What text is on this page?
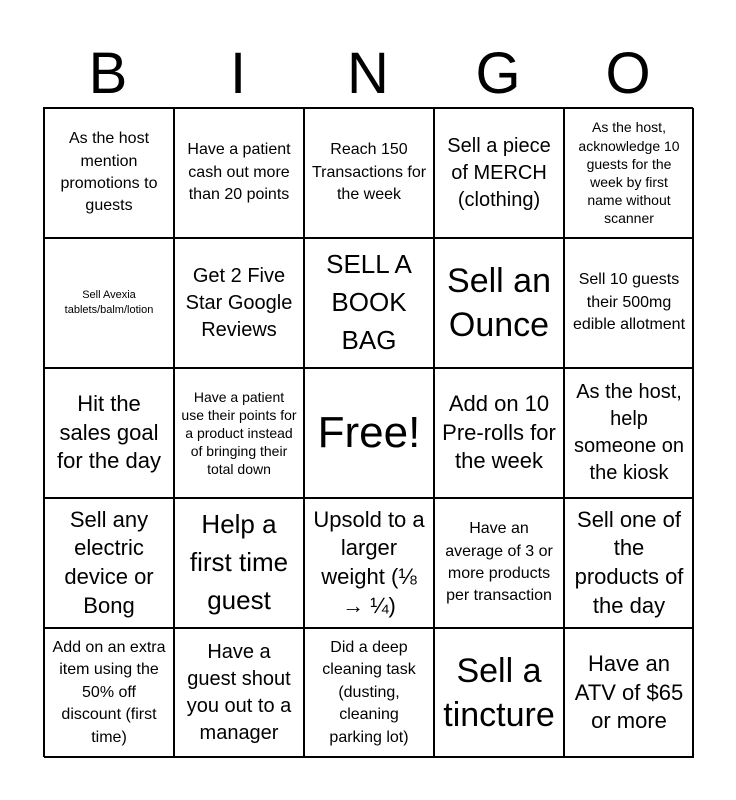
B	I	N	G	O
As the host mention promotions to guests
Have a patient cash out more than 20 points
Reach 150 Transactions for the week
Sell a piece of MERCH (clothing)
As the host, acknowledge 10 guests for the week by first name without scanner
Sell Avexia tablets/balm/lotion
Get 2 Five Star Google Reviews
SELL A BOOK BAG
Sell an Ounce
Sell 10 guests their 500mg edible allotment
Hit the sales goal for the day
Have a patient use their points for a product instead of bringing their total down
Free!
Add on 10 Pre-rolls for the week
As the host, help someone on the kiosk
Sell any electric device or Bong
Help a first time guest
Upsold to a larger weight (⅛ → ¼)
Have an average of 3 or more products per transaction
Sell one of the products of the day
Add on an extra item using the 50% off discount (first time)
Have a guest shout you out to a manager
Did a deep cleaning task (dusting, cleaning parking lot)
Sell a tincture
Have an ATV of $65 or more
